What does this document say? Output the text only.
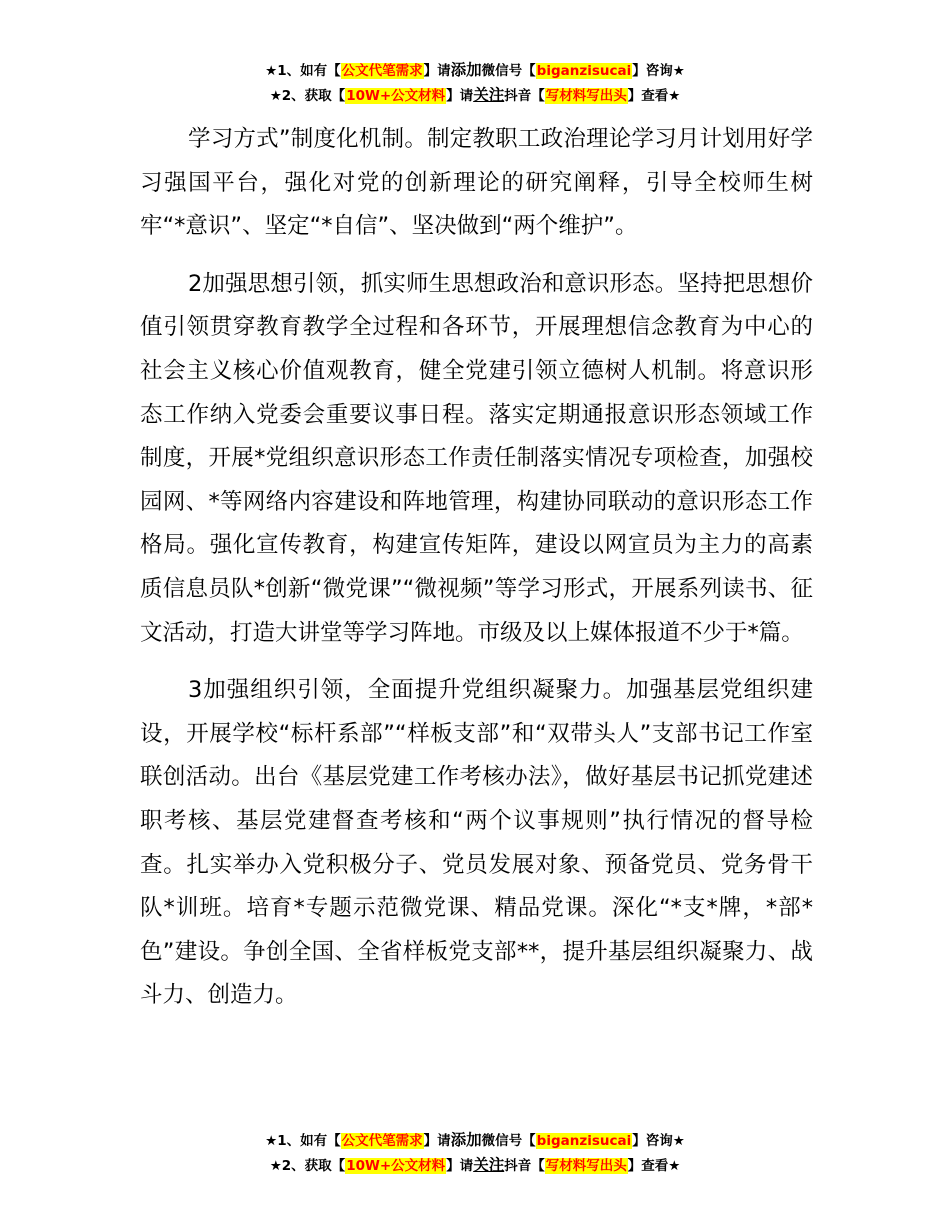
★1、如有【公文代笔需求】请添加微信号【biganzisucai】咨询★
★2、获取【10W+公文材料】请关注抖音【写材料写出头】查看★

学习方式”制度化机制。制定教职工政治理论学习月计划用好学习强国平台，强化对党的创新理论的研究阐释，引导全校师生树牢“*意识”、坚定“*自信”、坚决做到“两个维护”。

2加强思想引领，抓实师生思想政治和意识形态。坚持把思想价值引领贯穿教育教学全过程和各环节，开展理想信念教育为中心的社会主义核心价值观教育，健全党建引领立德树人机制。将意识形态工作纳入党委会重要议事日程。落实定期通报意识形态领域工作制度，开展*党组织意识形态工作责任制落实情况专项检查，加强校园网、*等网络内容建设和阵地管理，构建协同联动的意识形态工作格局。强化宣传教育，构建宣传矩阵，建设以网宣员为主力的高素质信息员队*创新“微党课”“微视频”等学习形式，开展系列读书、征文活动，打造大讲堂等学习阵地。市级及以上媒体报道不少于*篇。

3加强组织引领，全面提升党组织凝聚力。加强基层党组织建设，开展学校“标杆系部”“样板支部”和“双带头人”支部书记工作室联创活动。出台《基层党建工作考核办法》，做好基层书记抓党建述职考核、基层党建督查考核和“两个议事规则”执行情况的督导检查。扎实举办入党积极分子、党员发展对象、预备党员、党务骨干队*训班。培育*专题示范微党课、精品党课。深化“*支*牌，*部*色”建设。争创全国、全省样板党支部**，提升基层组织凝聚力、战斗力、创造力。

★1、如有【公文代笔需求】请添加微信号【biganzisucai】咨询★
★2、获取【10W+公文材料】请关注抖音【写材料写出头】查看★
